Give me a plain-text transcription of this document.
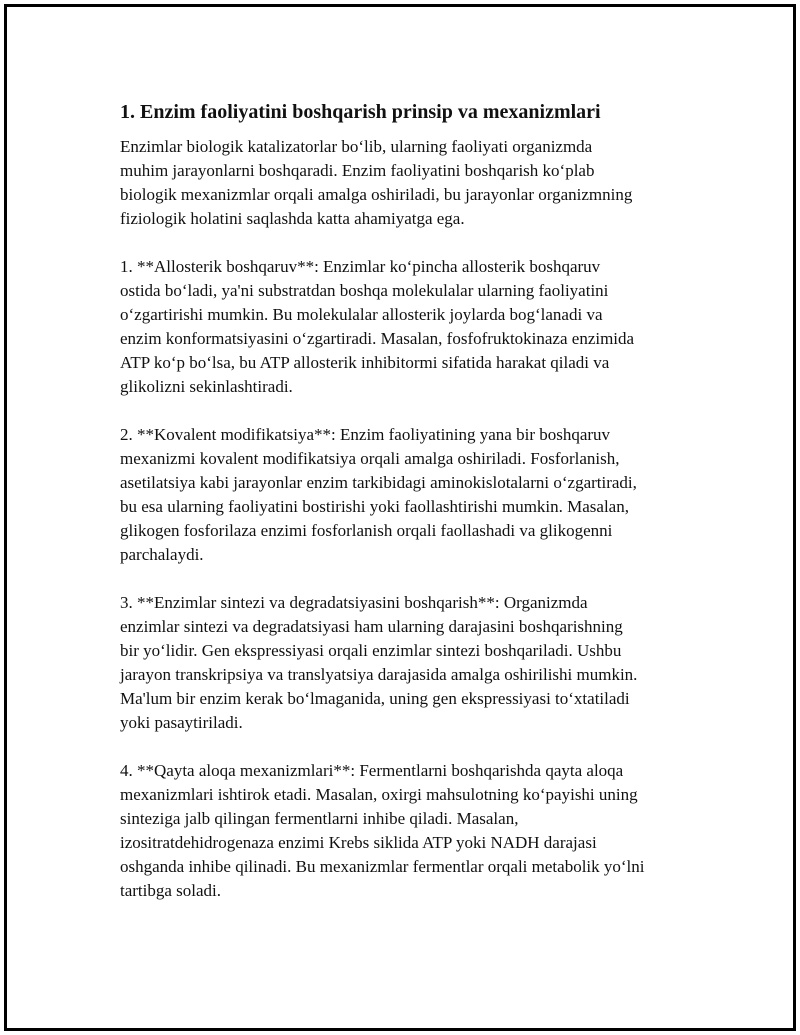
1. Enzim faoliyatini boshqarish prinsip va mexanizmlari
Enzimlar biologik katalizatorlar bo‘lib, ularning faoliyati organizmda
muhim jarayonlarni boshqaradi. Enzim faoliyatini boshqarish ko‘plab
biologik mexanizmlar orqali amalga oshiriladi, bu jarayonlar organizmning
fiziologik holatini saqlashda katta ahamiyatga ega.
1. **Allosterik boshqaruv**: Enzimlar ko‘pincha allosterik boshqaruv
ostida bo‘ladi, ya'ni substratdan boshqa molekulalar ularning faoliyatini
o‘zgartirishi mumkin. Bu molekulalar allosterik joylarda bog‘lanadi va
enzim konformatsiyasini o‘zgartiradi. Masalan, fosfofruktokinaza enzimida
ATP ko‘p bo‘lsa, bu ATP allosterik inhibitormi sifatida harakat qiladi va
glikolizni sekinlashtiradi.
2. **Kovalent modifikatsiya**: Enzim faoliyatining yana bir boshqaruv
mexanizmi kovalent modifikatsiya orqali amalga oshiriladi. Fosforlanish,
asetilatsiya kabi jarayonlar enzim tarkibidagi aminokislotalarni o‘zgartiradi,
bu esa ularning faoliyatini bostirishi yoki faollashtirishi mumkin. Masalan,
glikogen fosforilaza enzimi fosforlanish orqali faollashadi va glikogenni
parchalaydi.
3. **Enzimlar sintezi va degradatsiyasini boshqarish**: Organizmda
enzimlar sintezi va degradatsiyasi ham ularning darajasini boshqarishning
bir yo‘lidir. Gen ekspressiyasi orqali enzimlar sintezi boshqariladi. Ushbu
jarayon transkripsiya va translyatsiya darajasida amalga oshirilishi mumkin.
Ma'lum bir enzim kerak bo‘lmaganida, uning gen ekspressiyasi to‘xtatiladi
yoki pasaytiriladi.
4. **Qayta aloqa mexanizmlari**: Fermentlarni boshqarishda qayta aloqa
mexanizmlari ishtirok etadi. Masalan, oxirgi mahsulotning ko‘payishi uning
sinteziga jalb qilingan fermentlarni inhibe qiladi. Masalan,
izositratdehidrogenaza enzimi Krebs siklida ATP yoki NADH darajasi
oshganda inhibe qilinadi. Bu mexanizmlar fermentlar orqali metabolik yo‘lni
tartibga soladi.
